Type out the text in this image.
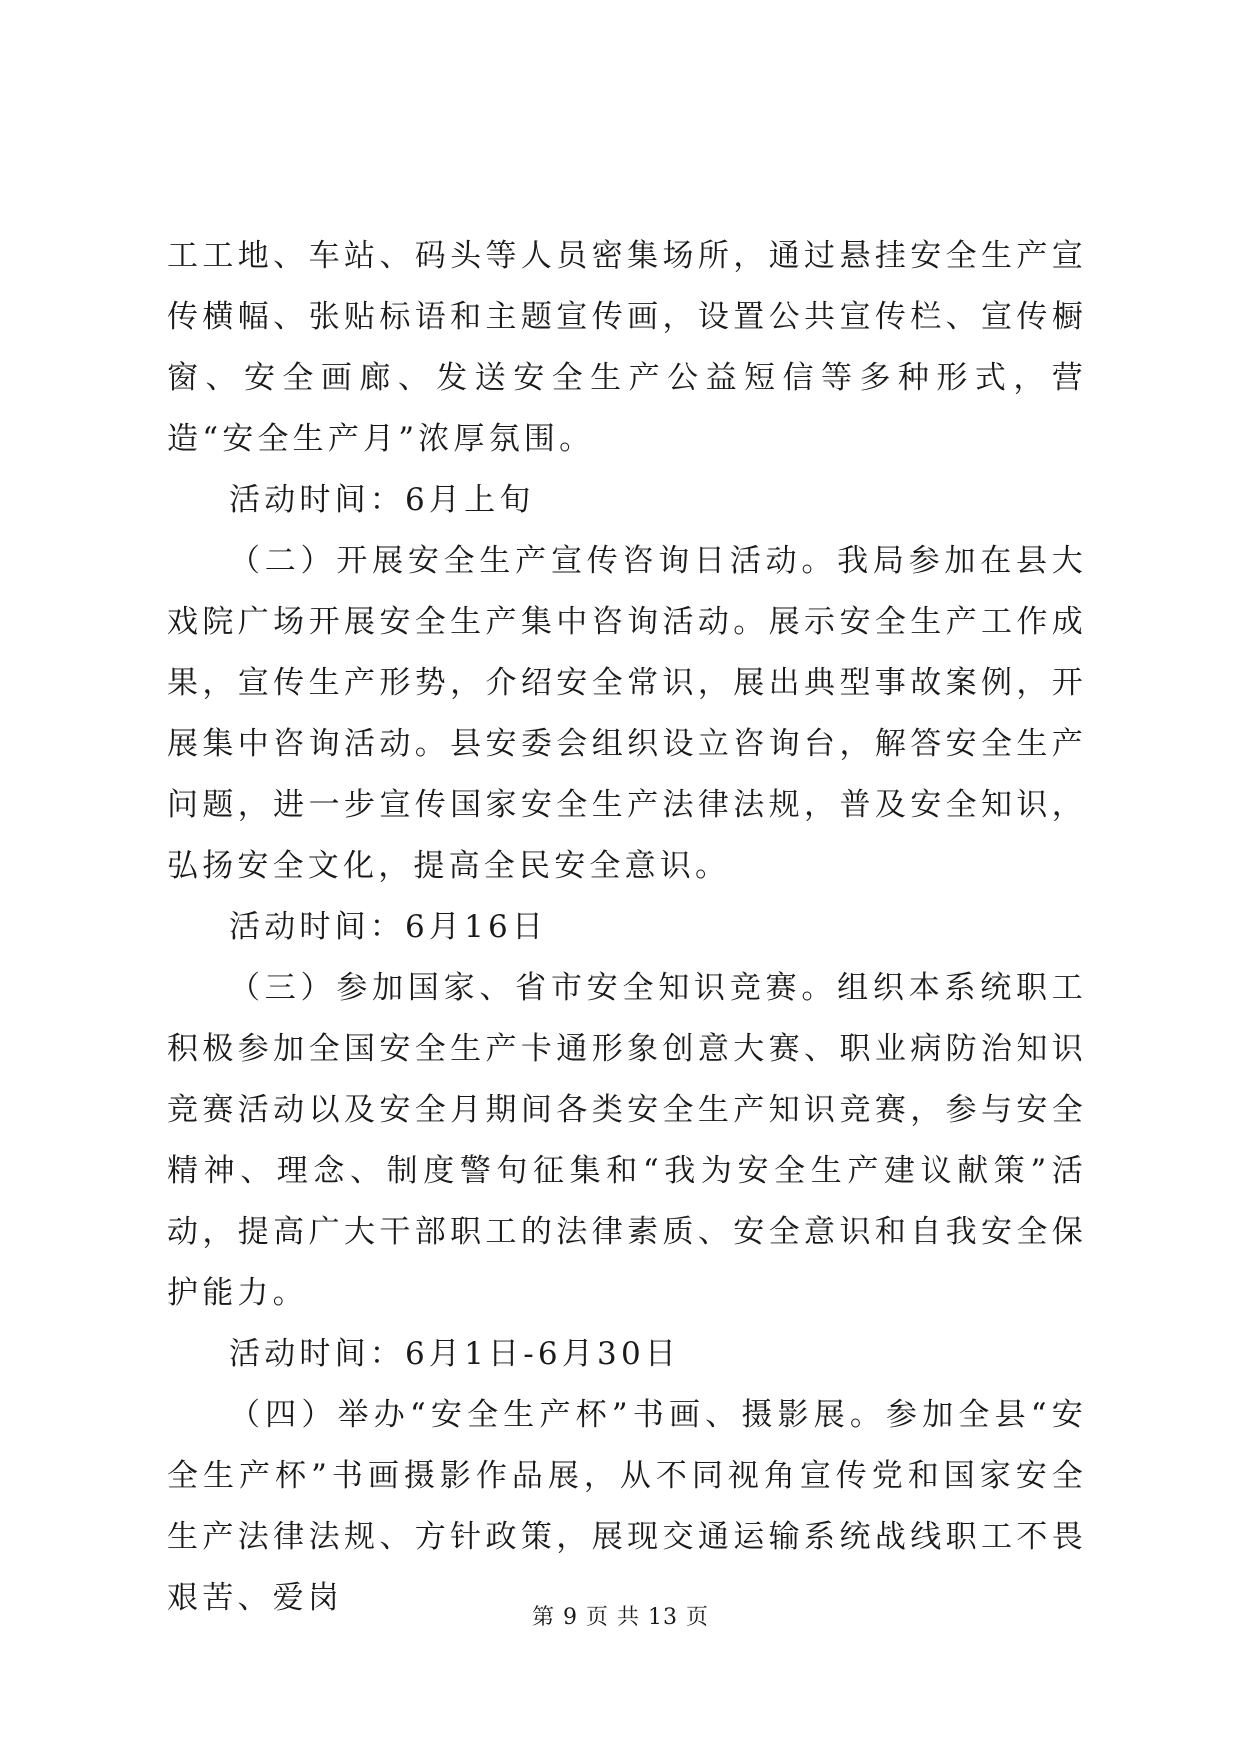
工工地、车站、码头等人员密集场所，通过悬挂安全生产宣传横幅、张贴标语和主题宣传画，设置公共宣传栏、宣传橱窗、安全画廊、发送安全生产公益短信等多种形式，营造“安全生产月”浓厚氛围。

活动时间：6月上旬

（二）开展安全生产宣传咨询日活动。我局参加在县大戏院广场开展安全生产集中咨询活动。展示安全生产工作成果，宣传生产形势，介绍安全常识，展出典型事故案例，开展集中咨询活动。县安委会组织设立咨询台，解答安全生产问题，进一步宣传国家安全生产法律法规，普及安全知识，弘扬安全文化，提高全民安全意识。

活动时间：6月16日

（三）参加国家、省市安全知识竞赛。组织本系统职工积极参加全国安全生产卡通形象创意大赛、职业病防治知识竞赛活动以及安全月期间各类安全生产知识竞赛，参与安全精神、理念、制度警句征集和“我为安全生产建议献策”活动，提高广大干部职工的法律素质、安全意识和自我安全保护能力。

活动时间：6月1日-6月30日

（四）举办“安全生产杯”书画、摄影展。参加全县“安全生产杯”书画摄影作品展，从不同视角宣传党和国家安全生产法律法规、方针政策，展现交通运输系统战线职工不畏艰苦、爱岗

第 9 页 共 13 页
